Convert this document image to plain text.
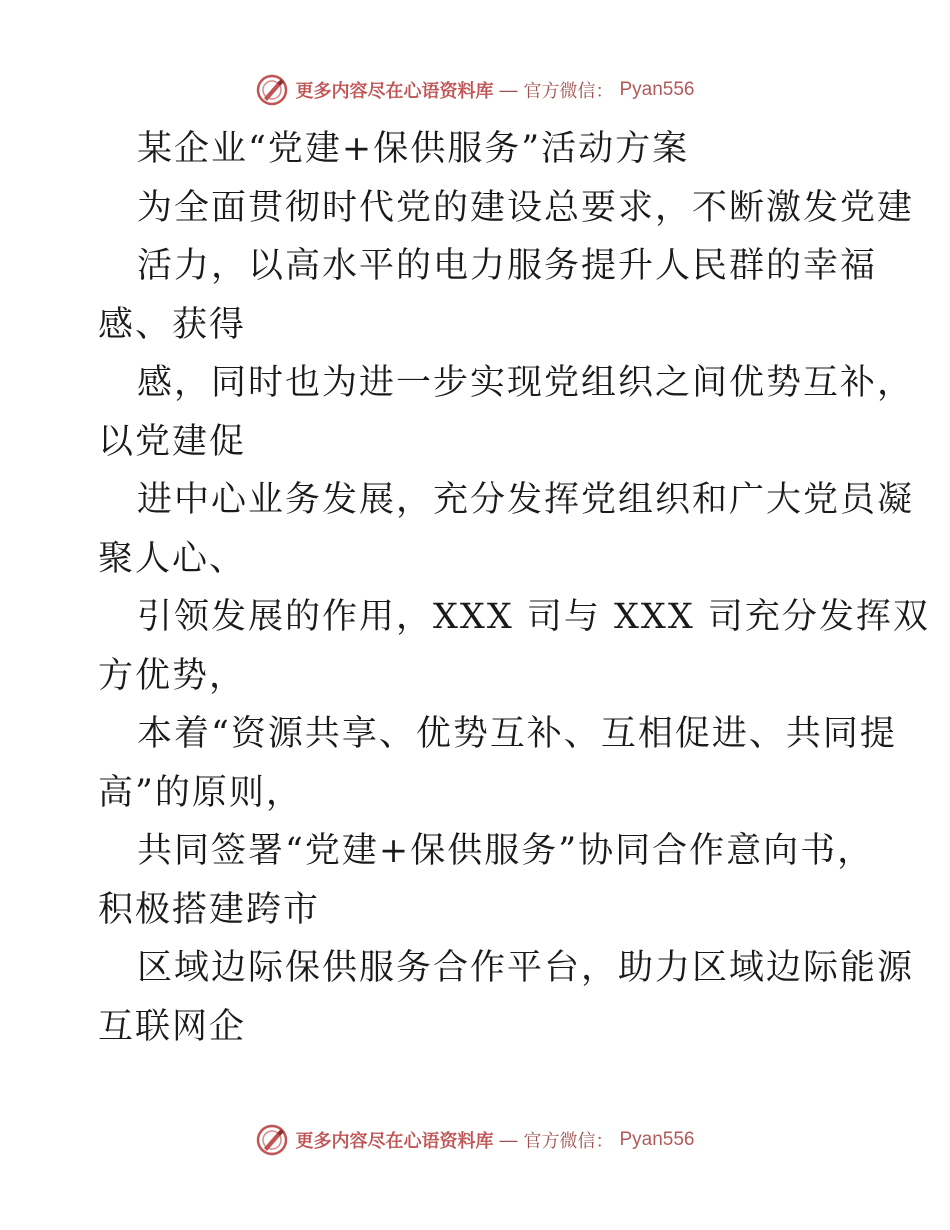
更多内容尽在心语资料库 — 官方微信： Pyan556
某企业“党建+保供服务”活动方案
为全面贯彻时代党的建设总要求，不断激发党建
活力，以高水平的电力服务提升人民群的幸福
感、获得
感，同时也为进一步实现党组织之间优势互补，
以党建促
进中心业务发展，充分发挥党组织和广大党员凝
聚人心、
引领发展的作用，XXX 司与 XXX 司充分发挥双
方优势，
本着“资源共享、优势互补、互相促进、共同提
高”的原则，
共同签署“党建+保供服务”协同合作意向书，
积极搭建跨市
区域边际保供服务合作平台，助力区域边际能源
互联网企
更多内容尽在心语资料库 — 官方微信： Pyan556
